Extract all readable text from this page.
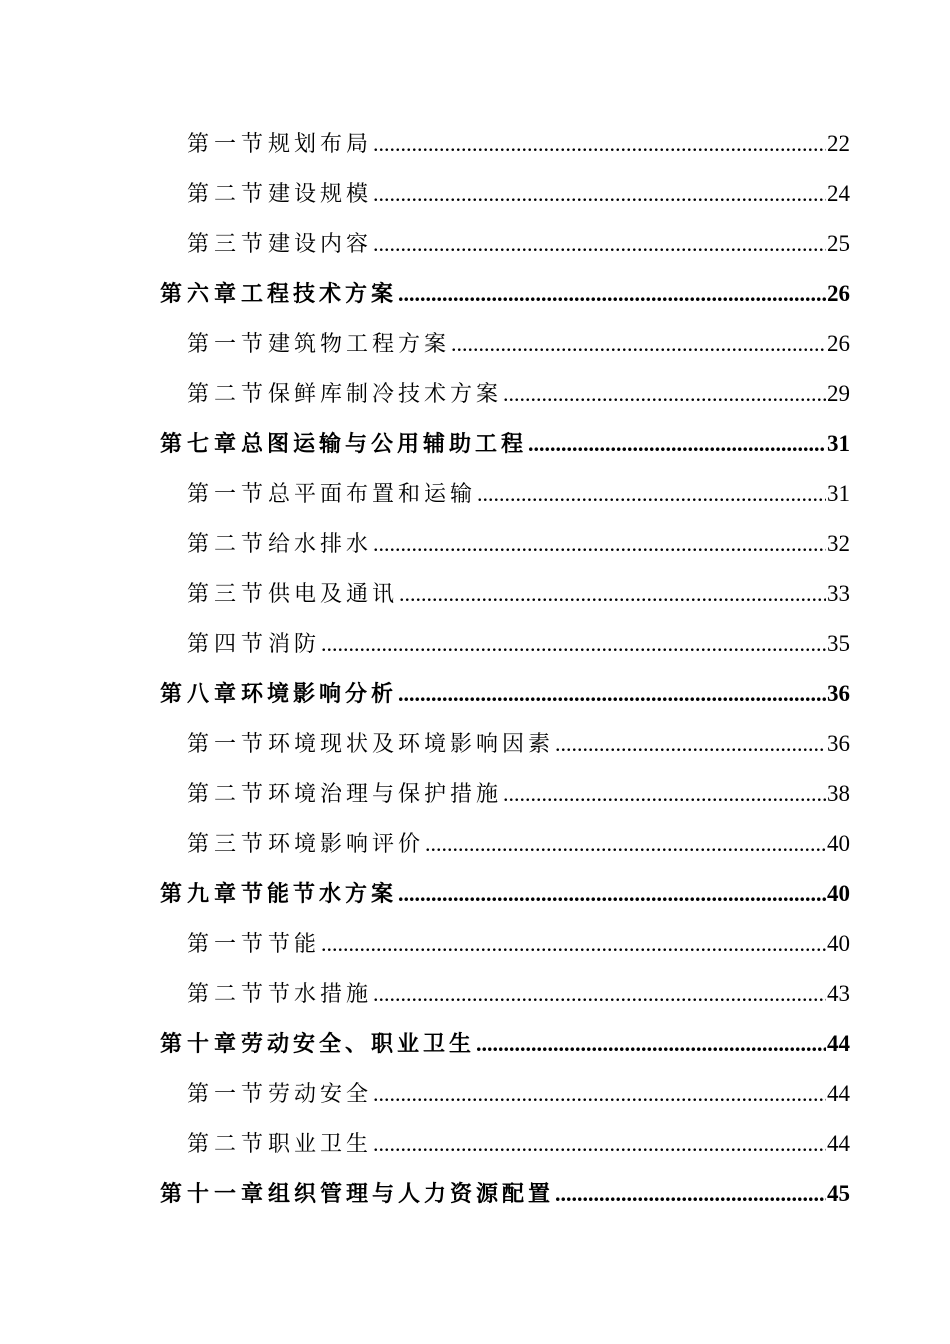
第一节 规划布局 .....	22
第二节 建设规模 .....	24
第三节 建设内容 .....	25
第六章 工程技术方案 .....	26
第一节 建筑物工程方案 .....	26
第二节 保鲜库制冷技术方案 .....	29
第七章 总图运输与公用辅助工程 .....	31
第一节 总平面布置和运输 .....	31
第二节 给水排水 .....	32
第三节 供电及通讯 .....	33
第四节 消防 .....	35
第八章 环境影响分析 .....	36
第一节 环境现状及环境影响因素 .....	36
第二节 环境治理与保护措施 .....	38
第三节 环境影响评价 .....	40
第九章 节能节水方案 .....	40
第一节 节能 .....	40
第二节 节水措施 .....	43
第十章 劳动安全、职业卫生 .....	44
第一节 劳动安全 .....	44
第二节 职业卫生 .....	44
第十一章 组织管理与人力资源配置 .....	45
